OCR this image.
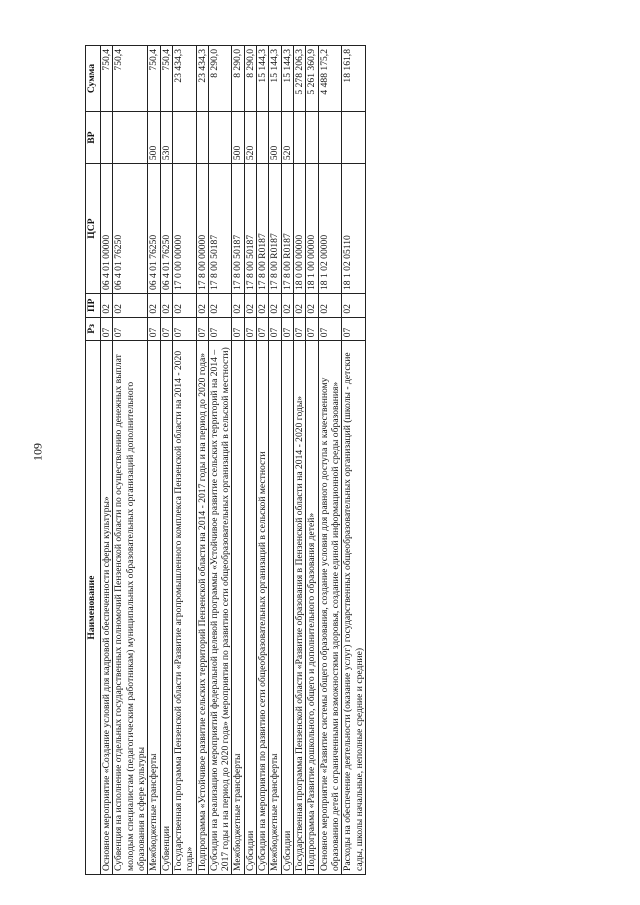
109
Наименование	Рз	ПР	ЦСР	ВР	Сумма
Основное мероприятие «Создание условий для кадровой обеспеченности сферы культуры»	07	02	06 4 01 00000		750,4
Субвенция на исполнение отдельных государственных полномочий Пензенской области по осуществлению денежных выплат молодым специалистам (педагогическим работникам) муниципальных образовательных организаций дополнительного образования в сфере культуры	07	02	06 4 01 76250		750,4
Межбюджетные трансферты	07	02	06 4 01 76250	500	750,4
Субвенции	07	02	06 4 01 76250	530	750,4
Государственная программа Пензенской области «Развитие агропромышленного комплекса Пензенской области на 2014 - 2020 годы»	07	02	17 0 00 00000		23 434,3
Подпрограмма «Устойчивое развитие сельских территорий Пензенской области на 2014 - 2017 годы и на период до 2020 года»	07	02	17 8 00 00000		23 434,3
Субсидии на реализацию мероприятий федеральной целевой программы «Устойчивое развитие сельских территорий на 2014 – 2017 годы и на период до 2020 года» (мероприятия по развитию сети общеобразовательных организаций в сельской местности)	07	02	17 8 00 50187		8 290,0
Межбюджетные трансферты	07	02	17 8 00 50187	500	8 290,0
Субсидии	07	02	17 8 00 50187	520	8 290,0
Субсидии на мероприятия по развитию сети общеобразовательных организаций в сельской местности	07	02	17 8 00 R0187		15 144,3
Межбюджетные трансферты	07	02	17 8 00 R0187	500	15 144,3
Субсидии	07	02	17 8 00 R0187	520	15 144,3
Государственная программа Пензенской области «Развитие образования в Пензенской области на 2014 - 2020 годы»	07	02	18 0 00 00000		5 278 206,3
Подпрограмма «Развитие дошкольного, общего и дополнительного образования детей»	07	02	18 1 00 00000		5 261 360,9
Основное мероприятие «Развитие системы общего образования, создание условия для равного доступа к качественному образованию детей с ограниченными возможностями здоровья, создание единой информационной среды образования»	07	02	18 1 02 00000		4 488 175,2
Расходы на обеспечение деятельности (оказание услуг) государственных общеобразовательных организаций (школы - детские сады, школы начальные, неполные средние и средние)	07	02	18 1 02 05110		18 161,8
